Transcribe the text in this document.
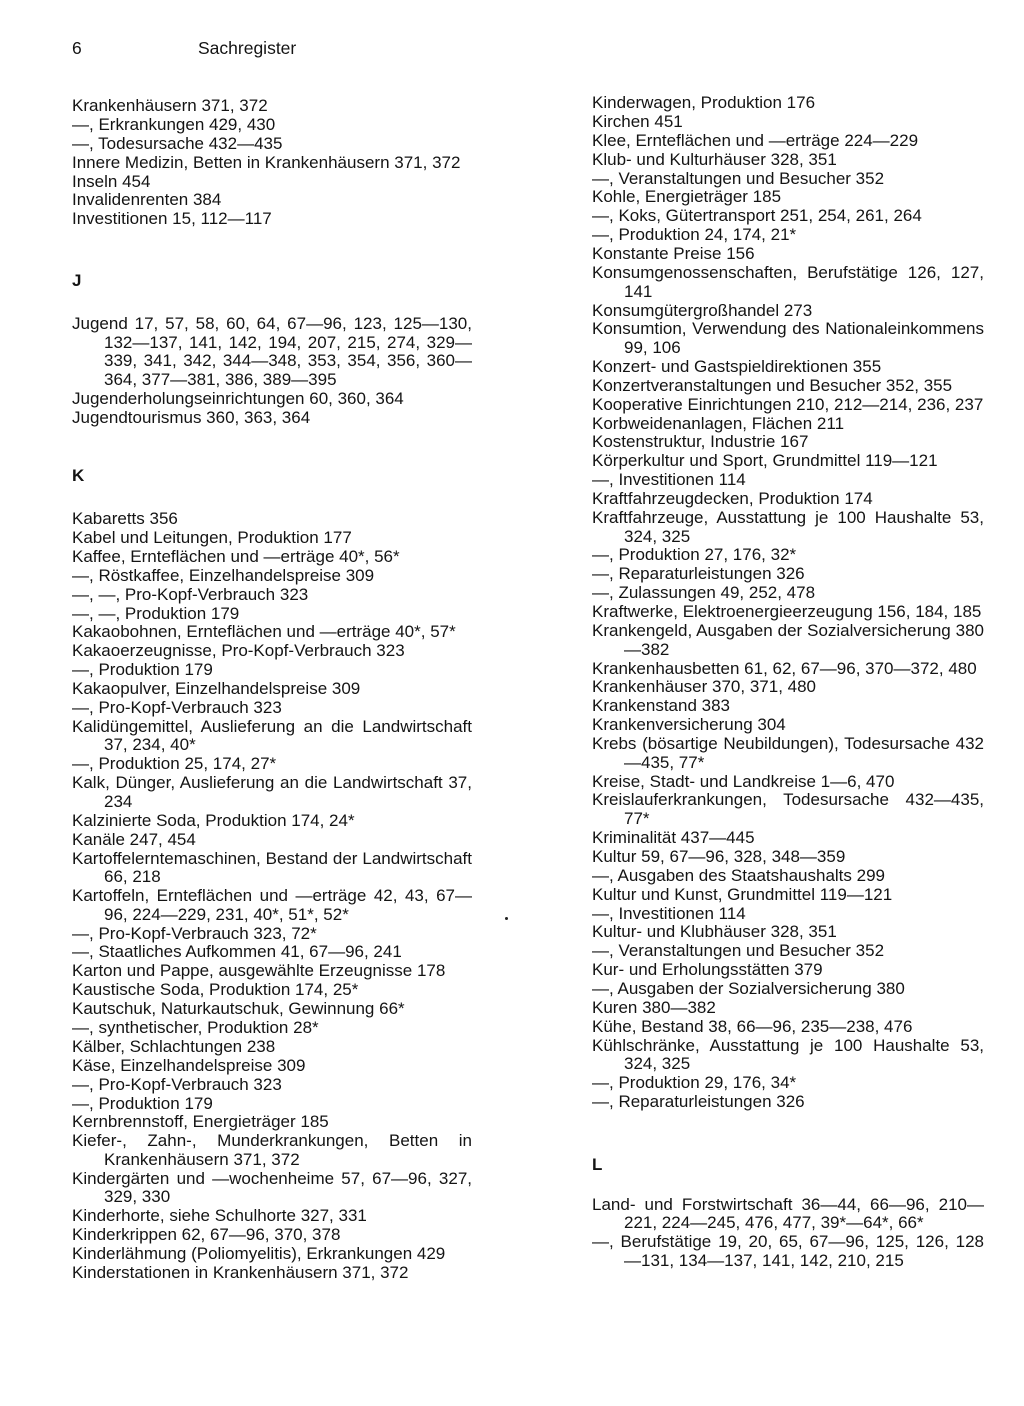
6	Sachregister
Krankenhäusern 371, 372
—, Erkrankungen 429, 430
—, Todesursache 432—435
Innere Medizin, Betten in Krankenhäusern 371, 372
Inseln 454
Invalidenrenten 384
Investitionen 15, 112—117
J
Jugend 17, 57, 58, 60, 64, 67—96, 123, 125—130, 132—137, 141, 142, 194, 207, 215, 274, 329—339, 341, 342, 344—348, 353, 354, 356, 360—364, 377—381, 386, 389—395
Jugenderholungseinrichtungen 60, 360, 364
Jugendtourismus 360, 363, 364
K
Kabaretts 356
Kabel und Leitungen, Produktion 177
Kaffee, Ernteflächen und —erträge 40*, 56*
—, Röstkaffee, Einzelhandelspreise 309
—, —, Pro-Kopf-Verbrauch 323
—, —, Produktion 179
Kakaobohnen, Ernteflächen und —erträge 40*, 57*
Kakaoerzeugnisse, Pro-Kopf-Verbrauch 323
—, Produktion 179
Kakaopulver, Einzelhandelspreise 309
—, Pro-Kopf-Verbrauch 323
Kalidüngemittel, Auslieferung an die Landwirtschaft 37, 234, 40*
—, Produktion 25, 174, 27*
Kalk, Dünger, Auslieferung an die Landwirtschaft 37, 234
Kalzinierte Soda, Produktion 174, 24*
Kanäle 247, 454
Kartoffelerntemaschinen, Bestand der Landwirtschaft 66, 218
Kartoffeln, Ernteflächen und —erträge 42, 43, 67—96, 224—229, 231, 40*, 51*, 52*
—, Pro-Kopf-Verbrauch 323, 72*
—, Staatliches Aufkommen 41, 67—96, 241
Karton und Pappe, ausgewählte Erzeugnisse 178
Kaustische Soda, Produktion 174, 25*
Kautschuk, Naturkautschuk, Gewinnung 66*
—, synthetischer, Produktion 28*
Kälber, Schlachtungen 238
Käse, Einzelhandelspreise 309
—, Pro-Kopf-Verbrauch 323
—, Produktion 179
Kernbrennstoff, Energieträger 185
Kiefer-, Zahn-, Munderkrankungen, Betten in Krankenhäusern 371, 372
Kindergärten und —wochenheime 57, 67—96, 327, 329, 330
Kinderhorte, siehe Schulhorte 327, 331
Kinderkrippen 62, 67—96, 370, 378
Kinderlähmung (Poliomyelitis), Erkrankungen 429
Kinderstationen in Krankenhäusern 371, 372
Kinderwagen, Produktion 176
Kirchen 451
Klee, Ernteflächen und —erträge 224—229
Klub- und Kulturhäuser 328, 351
—, Veranstaltungen und Besucher 352
Kohle, Energieträger 185
—, Koks, Gütertransport 251, 254, 261, 264
—, Produktion 24, 174, 21*
Konstante Preise 156
Konsumgenossenschaften, Berufstätige 126, 127, 141
Konsumgütergroßhandel 273
Konsumtion, Verwendung des Nationaleinkommens 99, 106
Konzert- und Gastspieldirektionen 355
Konzertveranstaltungen und Besucher 352, 355
Kooperative Einrichtungen 210, 212—214, 236, 237
Korbweidenanlagen, Flächen 211
Kostenstruktur, Industrie 167
Körperkultur und Sport, Grundmittel 119—121
—, Investitionen 114
Kraftfahrzeugdecken, Produktion 174
Kraftfahrzeuge, Ausstattung je 100 Haushalte 53, 324, 325
—, Produktion 27, 176, 32*
—, Reparaturleistungen 326
—, Zulassungen 49, 252, 478
Kraftwerke, Elektroenergieerzeugung 156, 184, 185
Krankengeld, Ausgaben der Sozialversicherung 380—382
Krankenhausbetten 61, 62, 67—96, 370—372, 480
Krankenhäuser 370, 371, 480
Krankenstand 383
Krankenversicherung 304
Krebs (bösartige Neubildungen), Todesursache 432—435, 77*
Kreise, Stadt- und Landkreise 1—6, 470
Kreislauferkrankungen, Todesursache 432—435, 77*
Kriminalität 437—445
Kultur 59, 67—96, 328, 348—359
—, Ausgaben des Staatshaushalts 299
Kultur und Kunst, Grundmittel 119—121
—, Investitionen 114
Kultur- und Klubhäuser 328, 351
—, Veranstaltungen und Besucher 352
Kur- und Erholungsstätten 379
—, Ausgaben der Sozialversicherung 380
Kuren 380—382
Kühe, Bestand 38, 66—96, 235—238, 476
Kühlschränke, Ausstattung je 100 Haushalte 53, 324, 325
—, Produktion 29, 176, 34*
—, Reparaturleistungen 326
L
Land- und Forstwirtschaft 36—44, 66—96, 210—221, 224—245, 476, 477, 39*—64*, 66*
—, Berufstätige 19, 20, 65, 67—96, 125, 126, 128—131, 134—137, 141, 142, 210, 215
